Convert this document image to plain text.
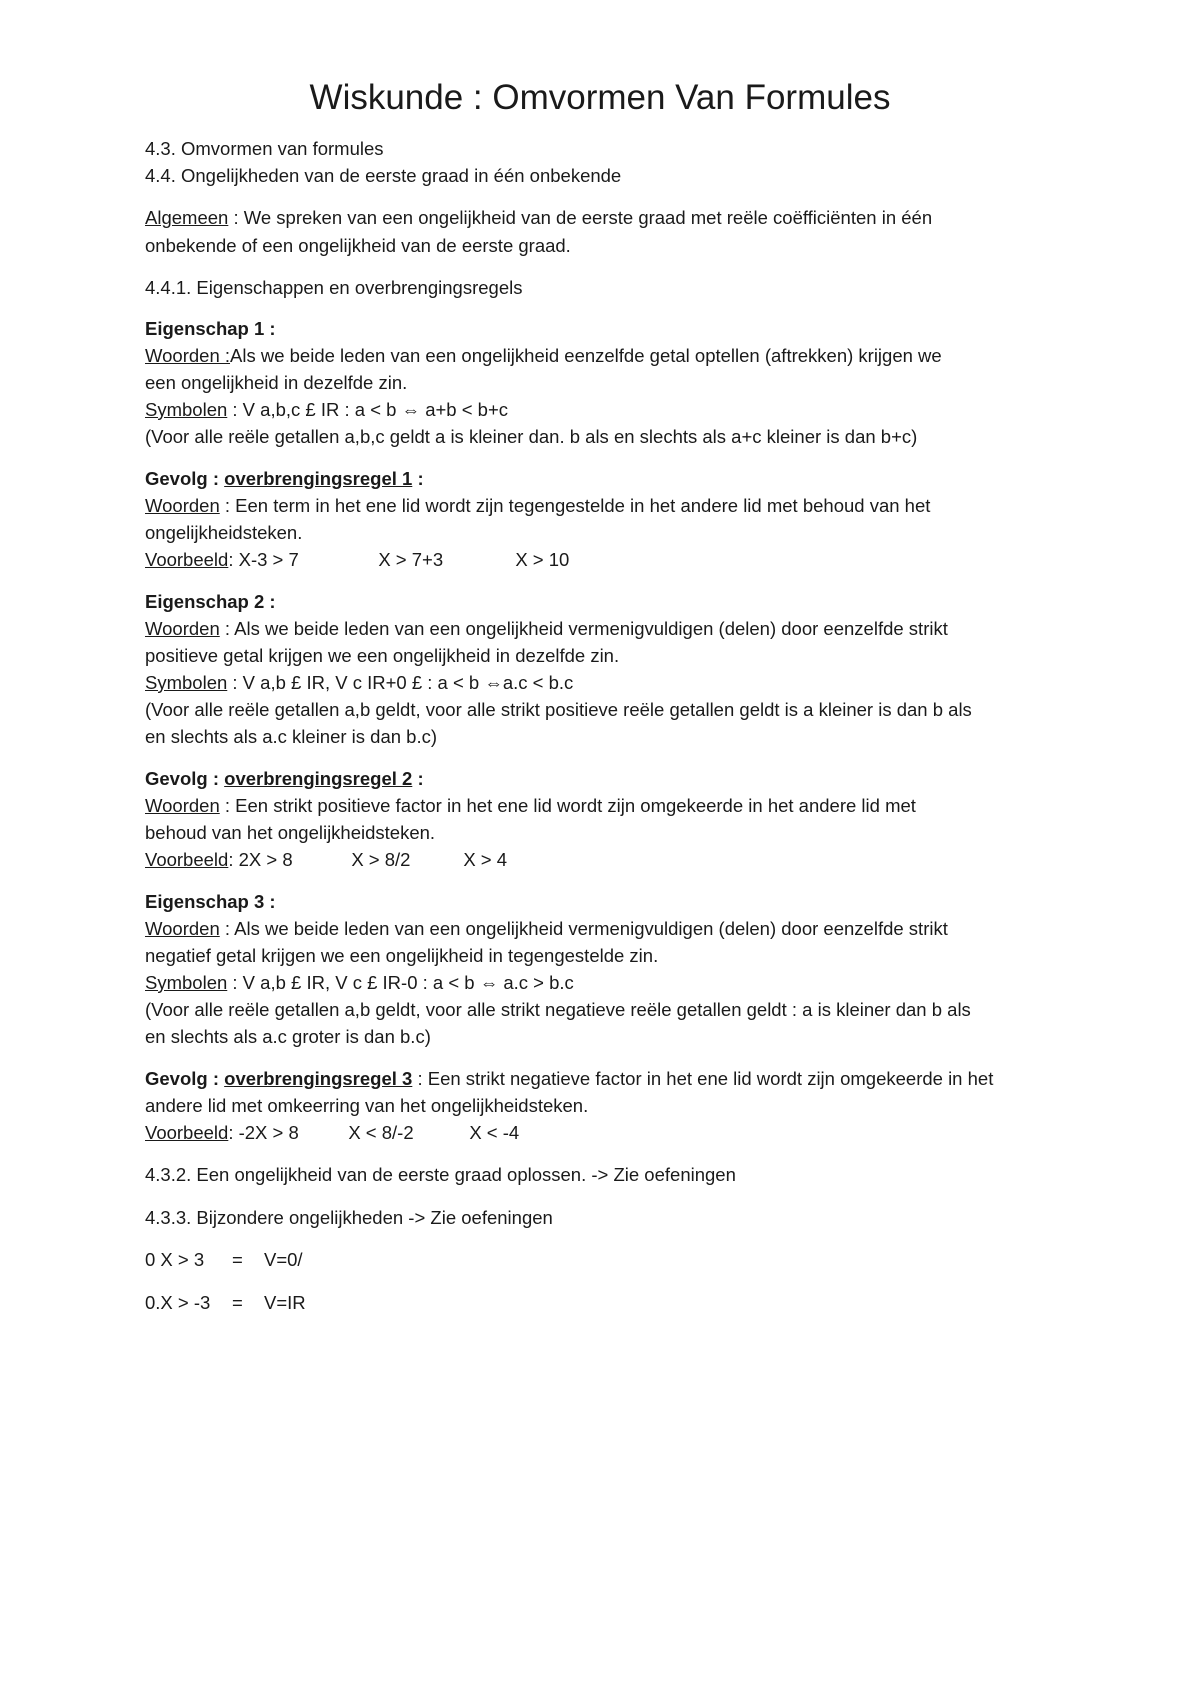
Wiskunde : Omvormen Van Formules
4.3. Omvormen van formules
4.4. Ongelijkheden van de eerste graad in één onbekende
Algemeen : We spreken van een ongelijkheid van de eerste graad met reële coëfficiënten in één
onbekende of een ongelijkheid van de eerste graad.
4.4.1. Eigenschappen en overbrengingsregels
Eigenschap 1 :
Woorden :Als we beide leden van een ongelijkheid eenzelfde getal optellen (aftrekken) krijgen we
een ongelijkheid in dezelfde zin.
Symbolen : V a,b,c £ IR : a < b ⇔ a+b < b+c
(Voor alle reële getallen a,b,c geldt a is kleiner dan. b als en slechts als a+c kleiner is dan b+c)
Gevolg : overbrengingsregel 1 :
Woorden : Een term in het ene lid wordt zijn tegengestelde in het andere lid met behoud van het
ongelijkheidsteken.
Voorbeeld: X-3 > 7	X > 7+3	X > 10
Eigenschap 2 :
Woorden : Als we beide leden van een ongelijkheid vermenigvuldigen (delen) door eenzelfde strikt
positieve getal krijgen we een ongelijkheid in dezelfde zin.
Symbolen : V a,b £ IR, V c IR+0 £ : a < b ⇔a.c < b.c
(Voor alle reële getallen a,b geldt, voor alle strikt positieve reële getallen geldt is a kleiner is dan b als
en slechts als a.c kleiner is dan b.c)
Gevolg : overbrengingsregel 2 :
Woorden : Een strikt positieve factor in het ene lid wordt zijn omgekeerde in het andere lid met
behoud van het ongelijkheidsteken.
Voorbeeld: 2X > 8	X > 8/2	X > 4
Eigenschap 3 :
Woorden : Als we beide leden van een ongelijkheid vermenigvuldigen (delen) door eenzelfde strikt
negatief getal krijgen we een ongelijkheid in tegengestelde zin.
Symbolen : V a,b £ IR, V c £ IR-0 : a < b ⇔ a.c > b.c
(Voor alle reële getallen a,b geldt, voor alle strikt negatieve reële getallen geldt : a is kleiner dan b als
en slechts als a.c groter is dan b.c)
Gevolg : overbrengingsregel 3 : Een strikt negatieve factor in het ene lid wordt zijn omgekeerde in het
andere lid met omkeerring van het ongelijkheidsteken.
Voorbeeld: -2X > 8	X < 8/-2	X < -4
4.3.2. Een ongelijkheid van de eerste graad oplossen. -> Zie oefeningen
4.3.3. Bijzondere ongelijkheden -> Zie oefeningen
0 X > 3 = V=0/
0.X > -3 = V=IR
